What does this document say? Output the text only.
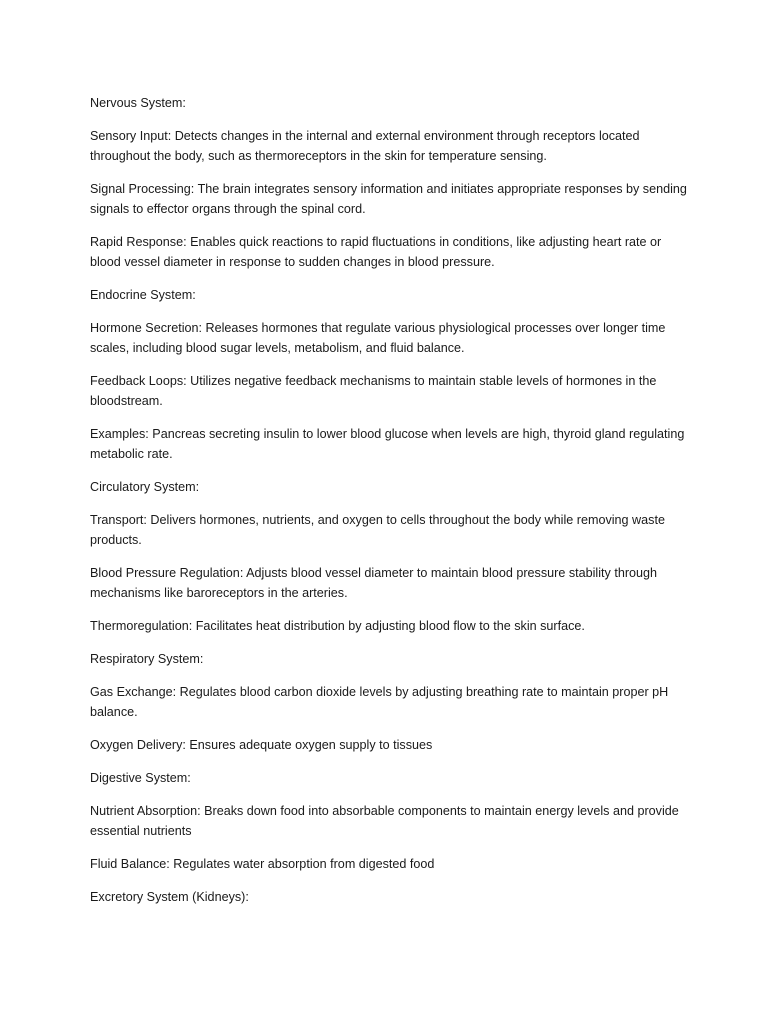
Nervous System:

Sensory Input: Detects changes in the internal and external environment through receptors located throughout the body, such as thermoreceptors in the skin for temperature sensing.

Signal Processing: The brain integrates sensory information and initiates appropriate responses by sending signals to effector organs through the spinal cord.

Rapid Response: Enables quick reactions to rapid fluctuations in conditions, like adjusting heart rate or blood vessel diameter in response to sudden changes in blood pressure.

Endocrine System:

Hormone Secretion: Releases hormones that regulate various physiological processes over longer time scales, including blood sugar levels, metabolism, and fluid balance.

Feedback Loops: Utilizes negative feedback mechanisms to maintain stable levels of hormones in the bloodstream.

Examples: Pancreas secreting insulin to lower blood glucose when levels are high, thyroid gland regulating metabolic rate.

Circulatory System:

Transport: Delivers hormones, nutrients, and oxygen to cells throughout the body while removing waste products.

Blood Pressure Regulation: Adjusts blood vessel diameter to maintain blood pressure stability through mechanisms like baroreceptors in the arteries.

Thermoregulation: Facilitates heat distribution by adjusting blood flow to the skin surface.

Respiratory System:

Gas Exchange: Regulates blood carbon dioxide levels by adjusting breathing rate to maintain proper pH balance.

Oxygen Delivery: Ensures adequate oxygen supply to tissues

Digestive System:

Nutrient Absorption: Breaks down food into absorbable components to maintain energy levels and provide essential nutrients

Fluid Balance: Regulates water absorption from digested food

Excretory System (Kidneys):
